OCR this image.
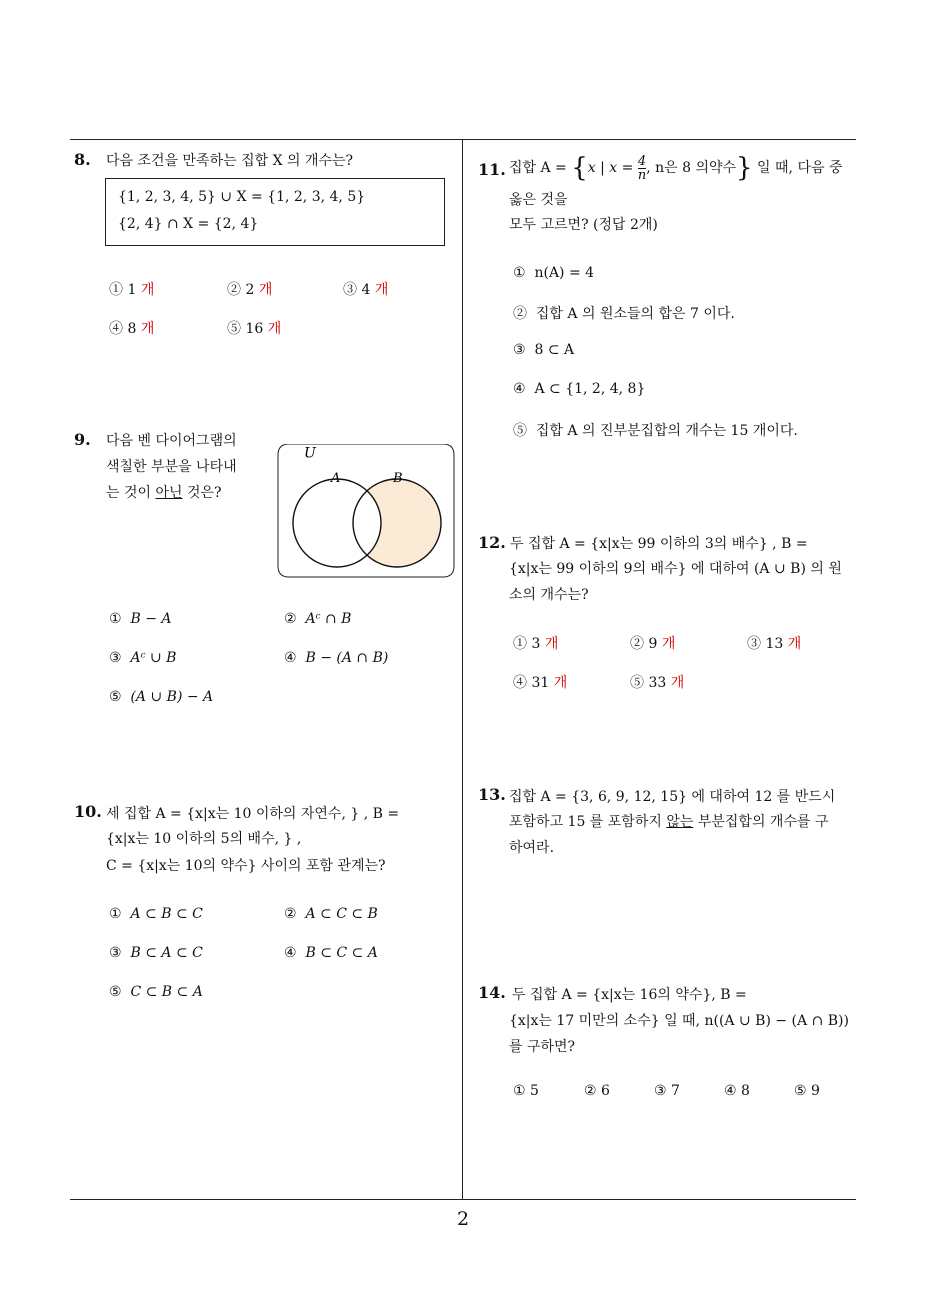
8. 다음 조건을 만족하는 집합 X 의 개수는?
{1, 2, 3, 4, 5} ∪ X = {1, 2, 3, 4, 5}
{2, 4} ∩ X = {2, 4}
① 1 개	② 2 개	③ 4 개
④ 8 개	⑤ 16 개
9. 다음 벤 다이어그램의
색칠한 부분을 나타내
는 것이 아닌 것은?
U
A	B
① B − A	② Aᶜ ∩ B
③ Aᶜ ∪ B	④ B − (A ∩ B)
⑤ (A ∪ B) − A
10. 세 집합 A = {x|x는 10 이하의 자연수, } , B =
{x|x는 10 이하의 5의 배수, } ,
C = {x|x는 10의 약수} 사이의 포함 관계는?
① A ⊂ B ⊂ C	② A ⊂ C ⊂ B
③ B ⊂ A ⊂ C	④ B ⊂ C ⊂ A
⑤ C ⊂ B ⊂ A
11. 집합 A = {x | $x = \frac{4}{n}$ , n은 8 의약수} 일 때, 다음 중
옳은 것을
모두 고르면? (정답 2개)
① n(A) = 4
② 집합 A 의 원소들의 합은 7 이다.
③ 8 ⊂ A
④ A ⊂ {1, 2, 4, 8}
⑤ 집합 A 의 진부분집합의 개수는 15 개이다.
12. 두 집합 A = {x|x는 99 이하의 3의 배수} , B =
{x|x는 99 이하의 9의 배수} 에 대하여 (A ∪ B) 의 원
소의 개수는?
① 3 개	② 9 개	③ 13 개
④ 31 개	⑤ 33 개
13. 집합 A = {3, 6, 9, 12, 15} 에 대하여 12 를 반드시
포함하고 15 를 포함하지 않는 부분집합의 개수를 구
하여라.
14. 두 집합 A = {x|x는 16의 약수}, B =
{x|x는 17 미만의 소수} 일 때, n((A ∪ B) − (A ∩ B))
를 구하면?
① 5	② 6	③ 7	④ 8	⑤ 9
2
